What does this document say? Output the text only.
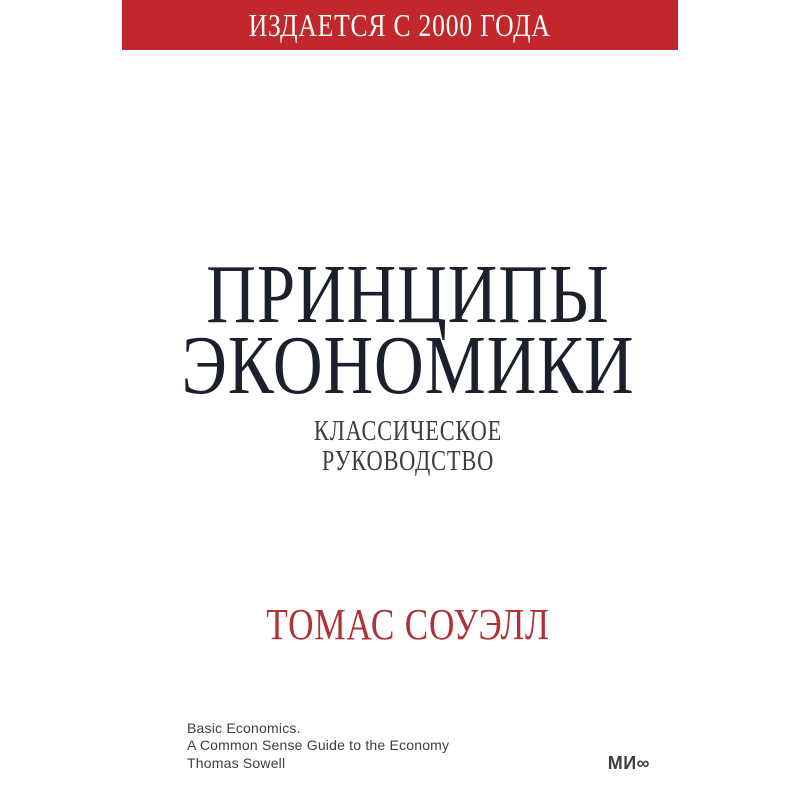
ИЗДАЕТСЯ С 2000 ГОДА
ПРИНЦИПЫ
ЭКОНОМИКИ
КЛАССИЧЕСКОЕ
РУКОВОДСТВО
ТОМАС СОУЭЛЛ
Basic Economics.
A Common Sense Guide to the Economy
Thomas Sowell	МИ∞
